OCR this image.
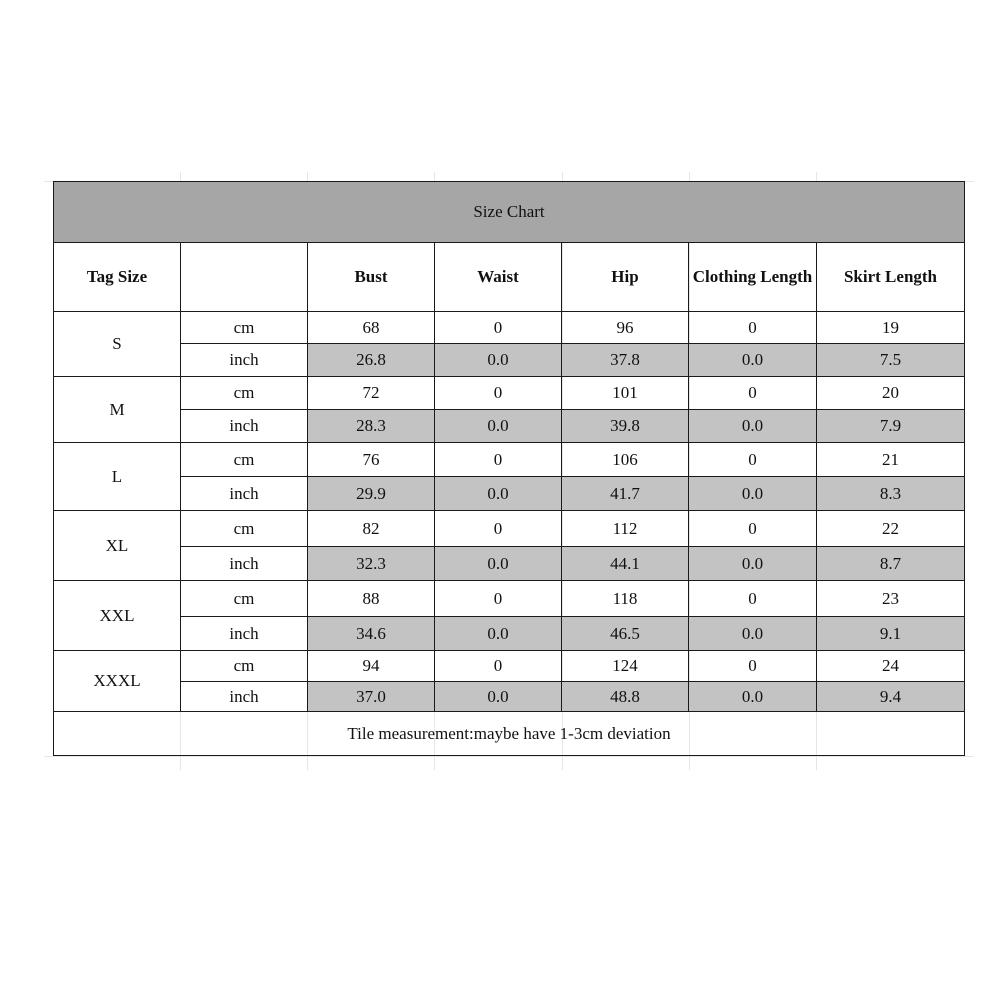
Size Chart						
Tag Size		Bust	Waist	Hip	Clothing Length	Skirt Length
S	cm	68	0	96	0	19
	inch	26.8	0.0	37.8	0.0	7.5
M	cm	72	0	101	0	20
	inch	28.3	0.0	39.8	0.0	7.9
L	cm	76	0	106	0	21
	inch	29.9	0.0	41.7	0.0	8.3
XL	cm	82	0	112	0	22
	inch	32.3	0.0	44.1	0.0	8.7
XXL	cm	88	0	118	0	23
	inch	34.6	0.0	46.5	0.0	9.1
XXXL	cm	94	0	124	0	24
	inch	37.0	0.0	48.8	0.0	9.4
Tile measurement:maybe have 1-3cm deviation						
